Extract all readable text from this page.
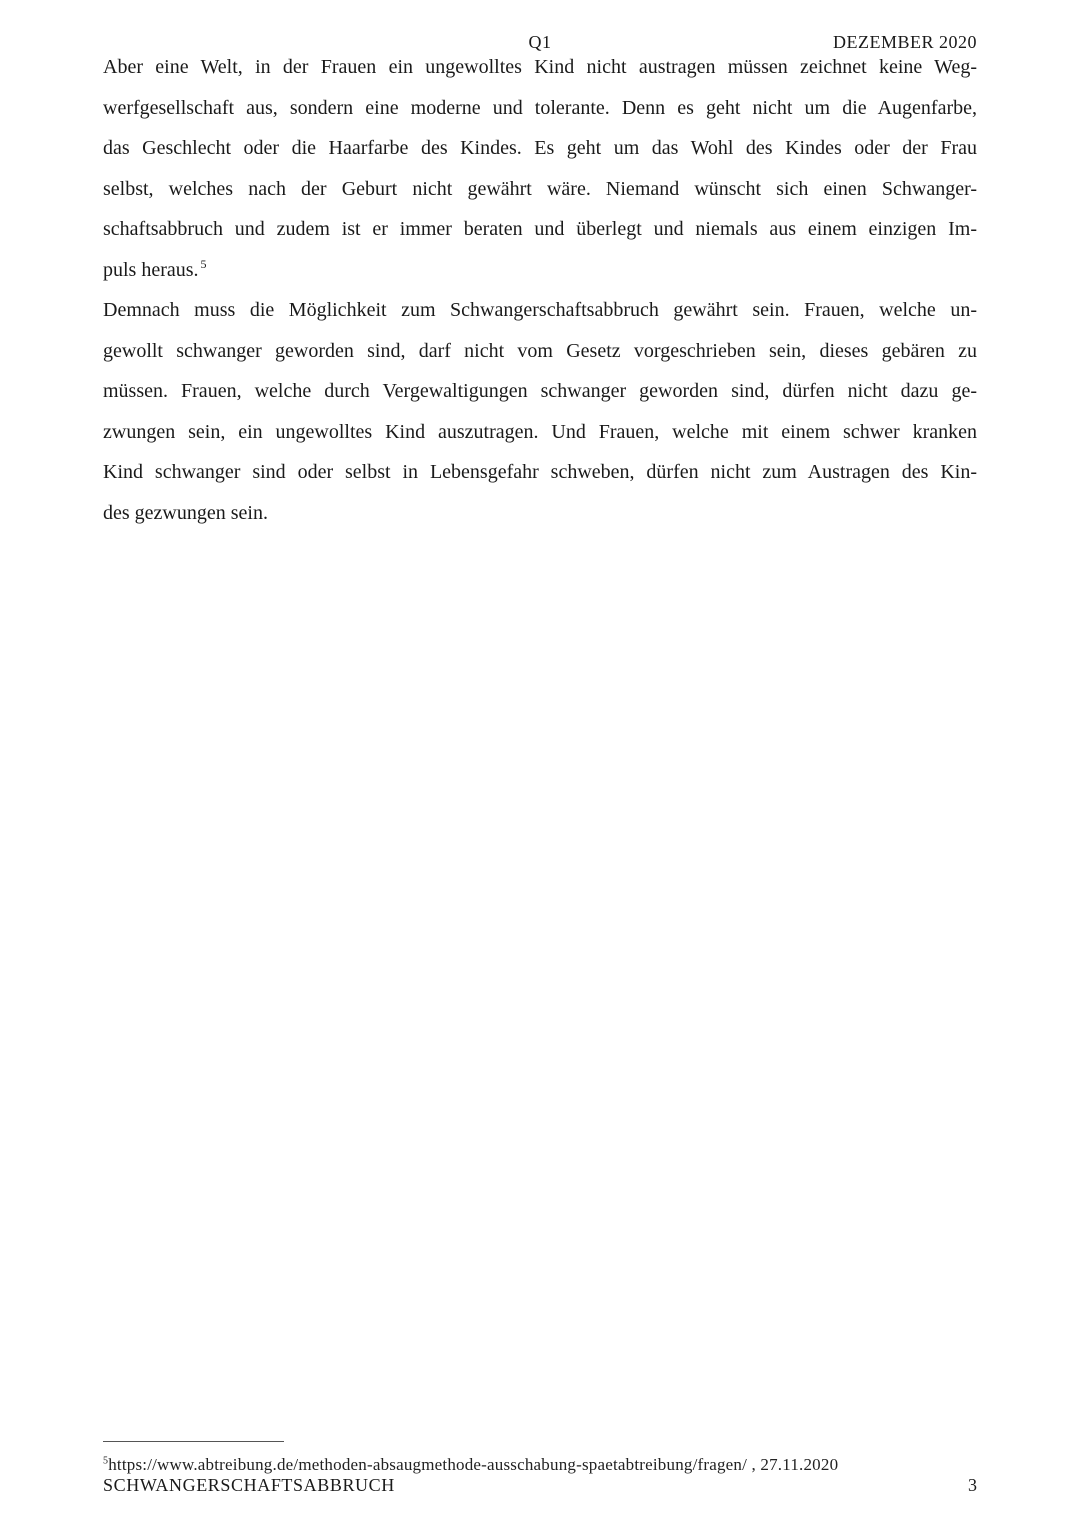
Q1	DEZEMBER 2020
Aber eine Welt, in der Frauen ein ungewolltes Kind nicht austragen müssen zeichnet keine Weg-
werfgesellschaft aus, sondern eine moderne und tolerante. Denn es geht nicht um die Augenfarbe,
das Geschlecht oder die Haarfarbe des Kindes. Es geht um das Wohl des Kindes oder der Frau
selbst, welches nach der Geburt nicht gewährt wäre. Niemand wünscht sich einen Schwanger-
schaftsabbruch und zudem ist er immer beraten und überlegt und niemals aus einem einzigen Im-
puls heraus. $^5$
Demnach muss die Möglichkeit zum Schwangerschaftsabbruch gewährt sein. Frauen, welche un-
gewollt schwanger geworden sind, darf nicht vom Gesetz vorgeschrieben sein, dieses gebären zu
müssen. Frauen, welche durch Vergewaltigungen schwanger geworden sind, dürfen nicht dazu ge-
zwungen sein, ein ungewolltes Kind auszutragen. Und Frauen, welche mit einem schwer kranken
Kind schwanger sind oder selbst in Lebensgefahr schweben, dürfen nicht zum Austragen des Kin-
des gezwungen sein.
$^5$https://www.abtreibung.de/methoden-absaugmethode-ausschabung-spaetabtreibung/fragen/ , 27.11.2020
SCHWANGERSCHAFTSABBRUCH	3
